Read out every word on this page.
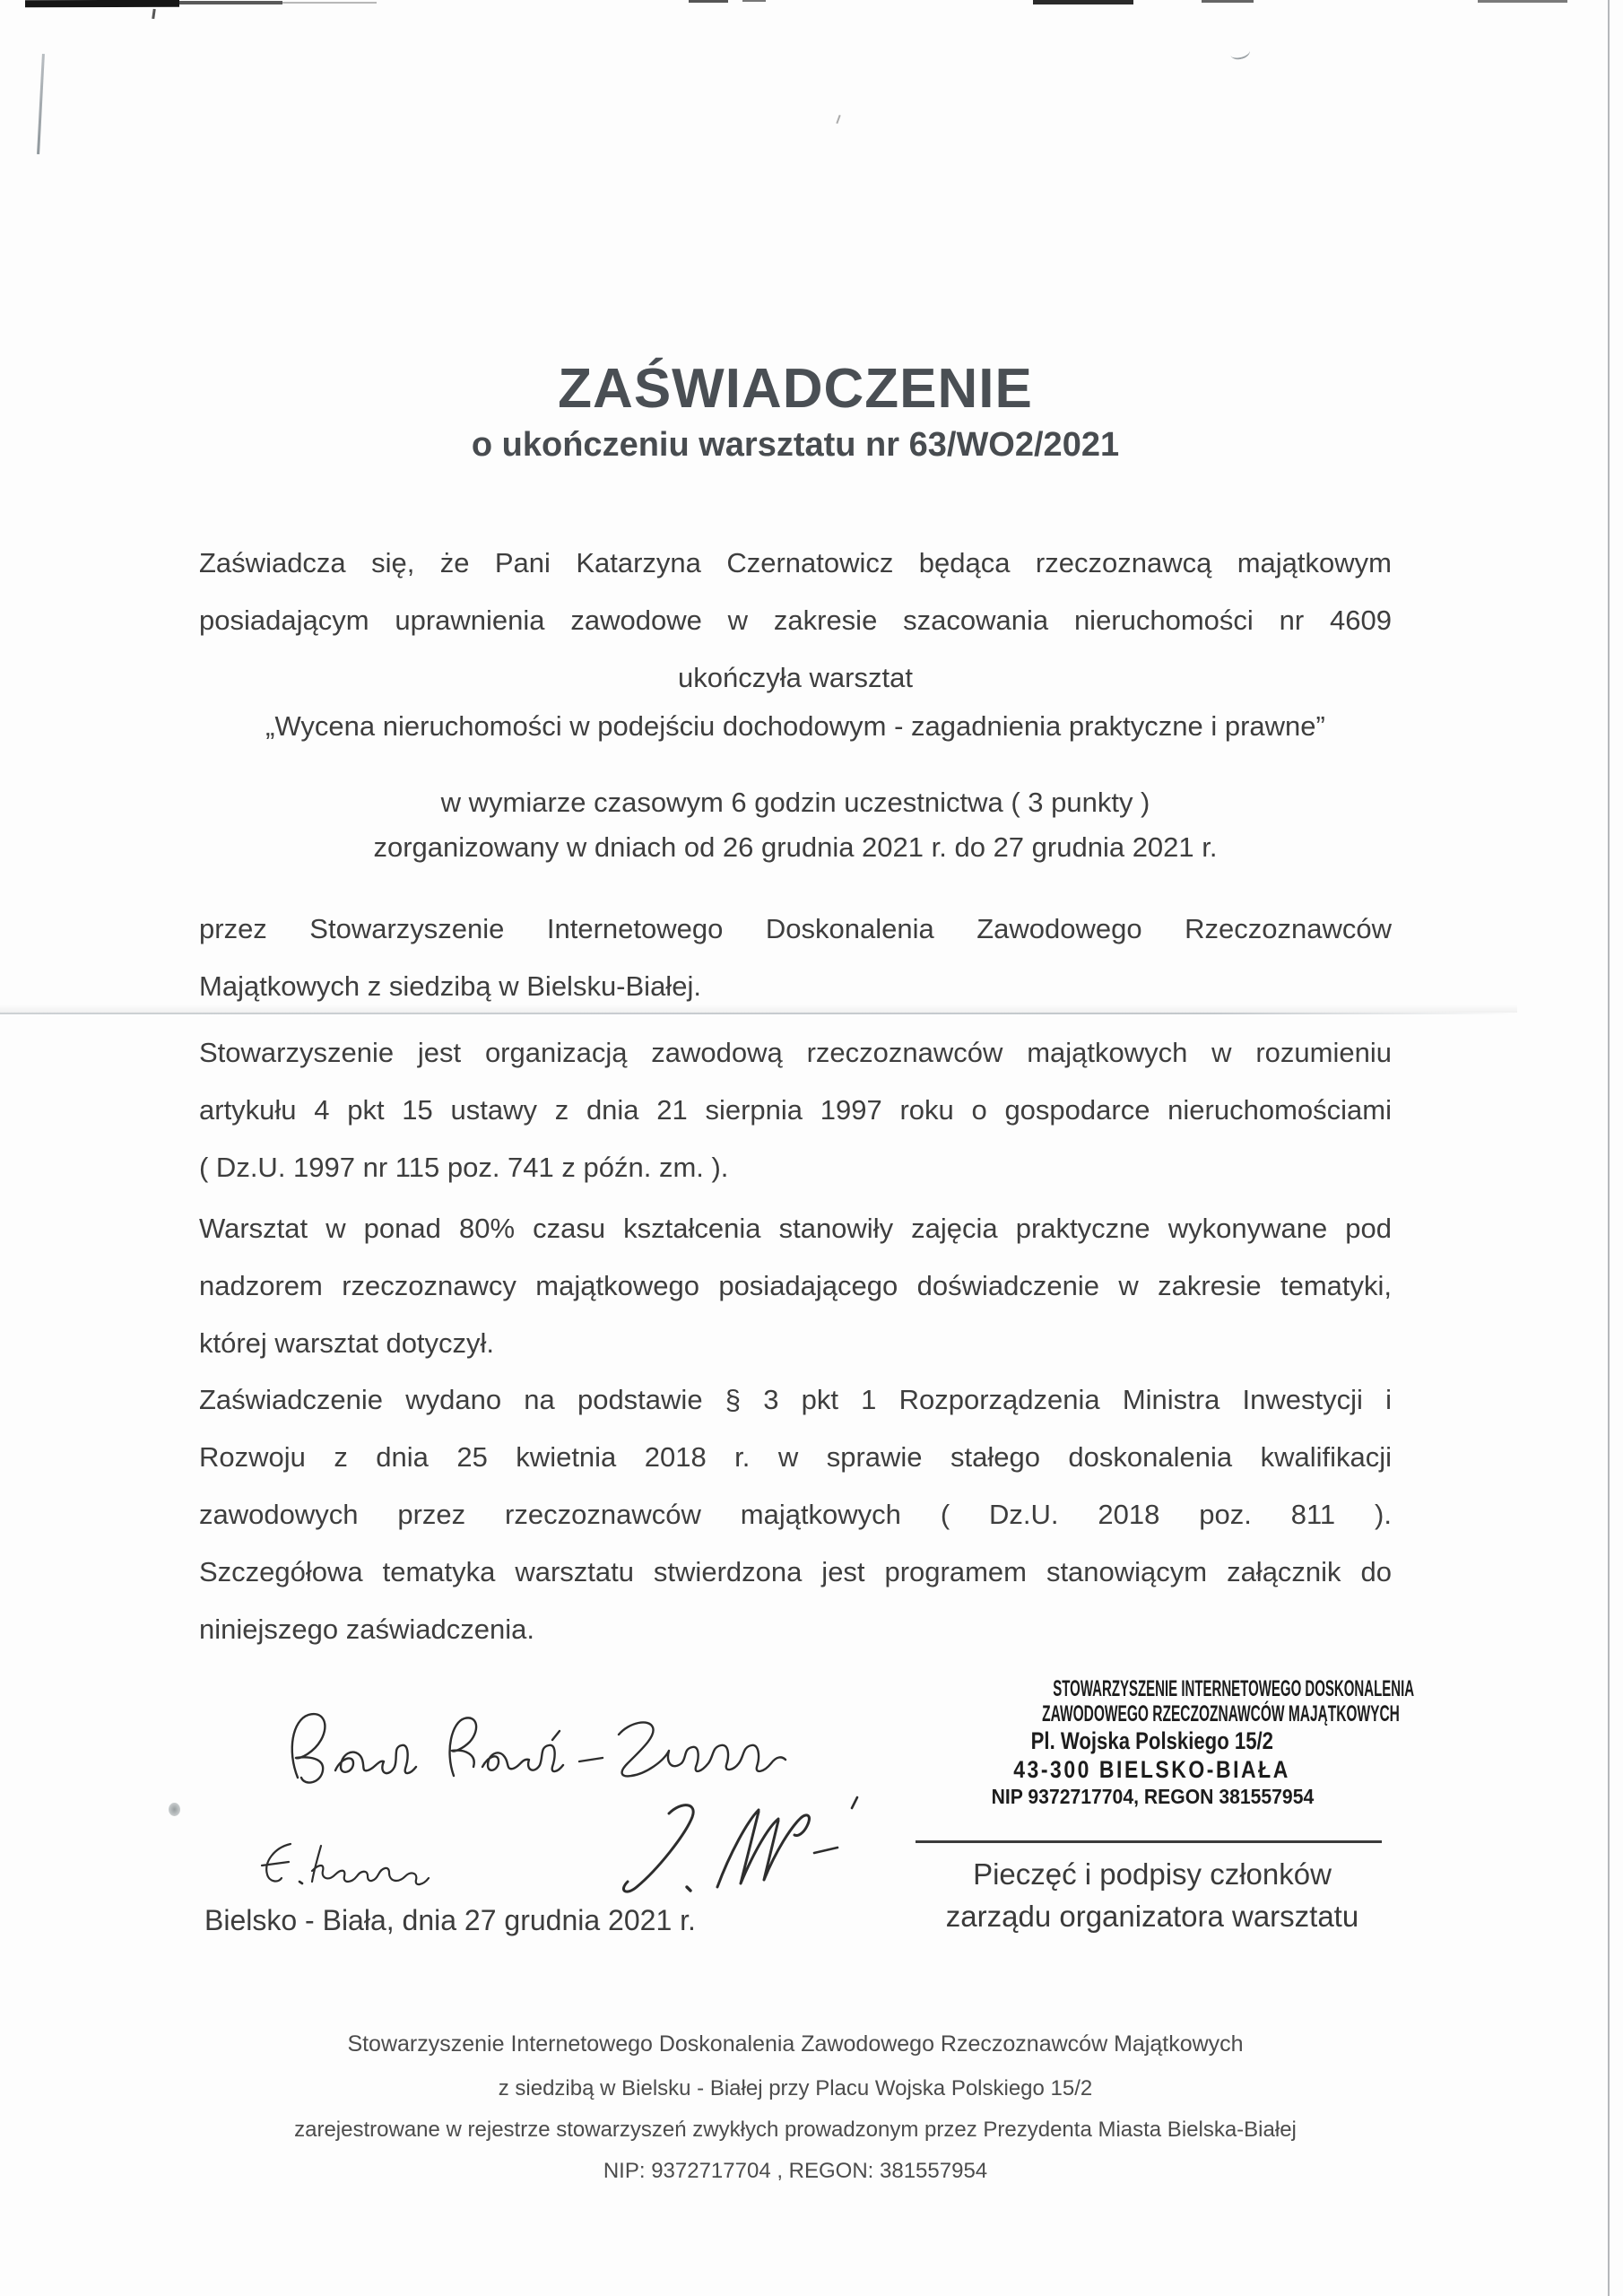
ZAŚWIADCZENIE
o ukończeniu warsztatu nr 63/WO2/2021
Zaświadcza się, że Pani Katarzyna Czernatowicz będąca rzeczoznawcą majątkowym
posiadającym uprawnienia zawodowe w zakresie szacowania nieruchomości nr 4609
ukończyła warsztat
„Wycena nieruchomości w podejściu dochodowym - zagadnienia praktyczne i prawne”
w wymiarze czasowym 6 godzin uczestnictwa ( 3 punkty )
zorganizowany w dniach od 26 grudnia 2021 r. do 27 grudnia 2021 r.
przez Stowarzyszenie Internetowego Doskonalenia Zawodowego Rzeczoznawców
Majątkowych z siedzibą w Bielsku-Białej.
Stowarzyszenie jest organizacją zawodową rzeczoznawców majątkowych w rozumieniu
artykułu 4 pkt 15 ustawy z dnia 21 sierpnia 1997 roku o gospodarce nieruchomościami
( Dz.U. 1997 nr 115 poz. 741 z późn. zm. ).
Warsztat w ponad 80% czasu kształcenia stanowiły zajęcia praktyczne wykonywane pod
nadzorem rzeczoznawcy majątkowego posiadającego doświadczenie w zakresie tematyki,
której warsztat dotyczył.
Zaświadczenie wydano na podstawie § 3 pkt 1 Rozporządzenia Ministra Inwestycji i
Rozwoju z dnia 25 kwietnia 2018 r. w sprawie stałego doskonalenia kwalifikacji
zawodowych przez rzeczoznawców majątkowych ( Dz.U. 2018 poz. 811 ).
Szczegółowa tematyka warsztatu stwierdzona jest programem stanowiącym załącznik do
niniejszego zaświadczenia.
Bielsko - Biała, dnia 27 grudnia 2021 r.
STOWARZYSZENIE INTERNETOWEGO DOSKONALENIA
ZAWODOWEGO RZECZOZNAWCÓW MAJĄTKOWYCH
Pl. Wojska Polskiego 15/2
43-300 BIELSKO-BIAŁA
NIP 9372717704, REGON 381557954
Pieczęć i podpisy członków
zarządu organizatora warsztatu
Stowarzyszenie Internetowego Doskonalenia Zawodowego Rzeczoznawców Majątkowych
z siedzibą w Bielsku - Białej przy Placu Wojska Polskiego 15/2
zarejestrowane w rejestrze stowarzyszeń zwykłych prowadzonym przez Prezydenta Miasta Bielska-Białej
NIP: 9372717704 , REGON: 381557954
